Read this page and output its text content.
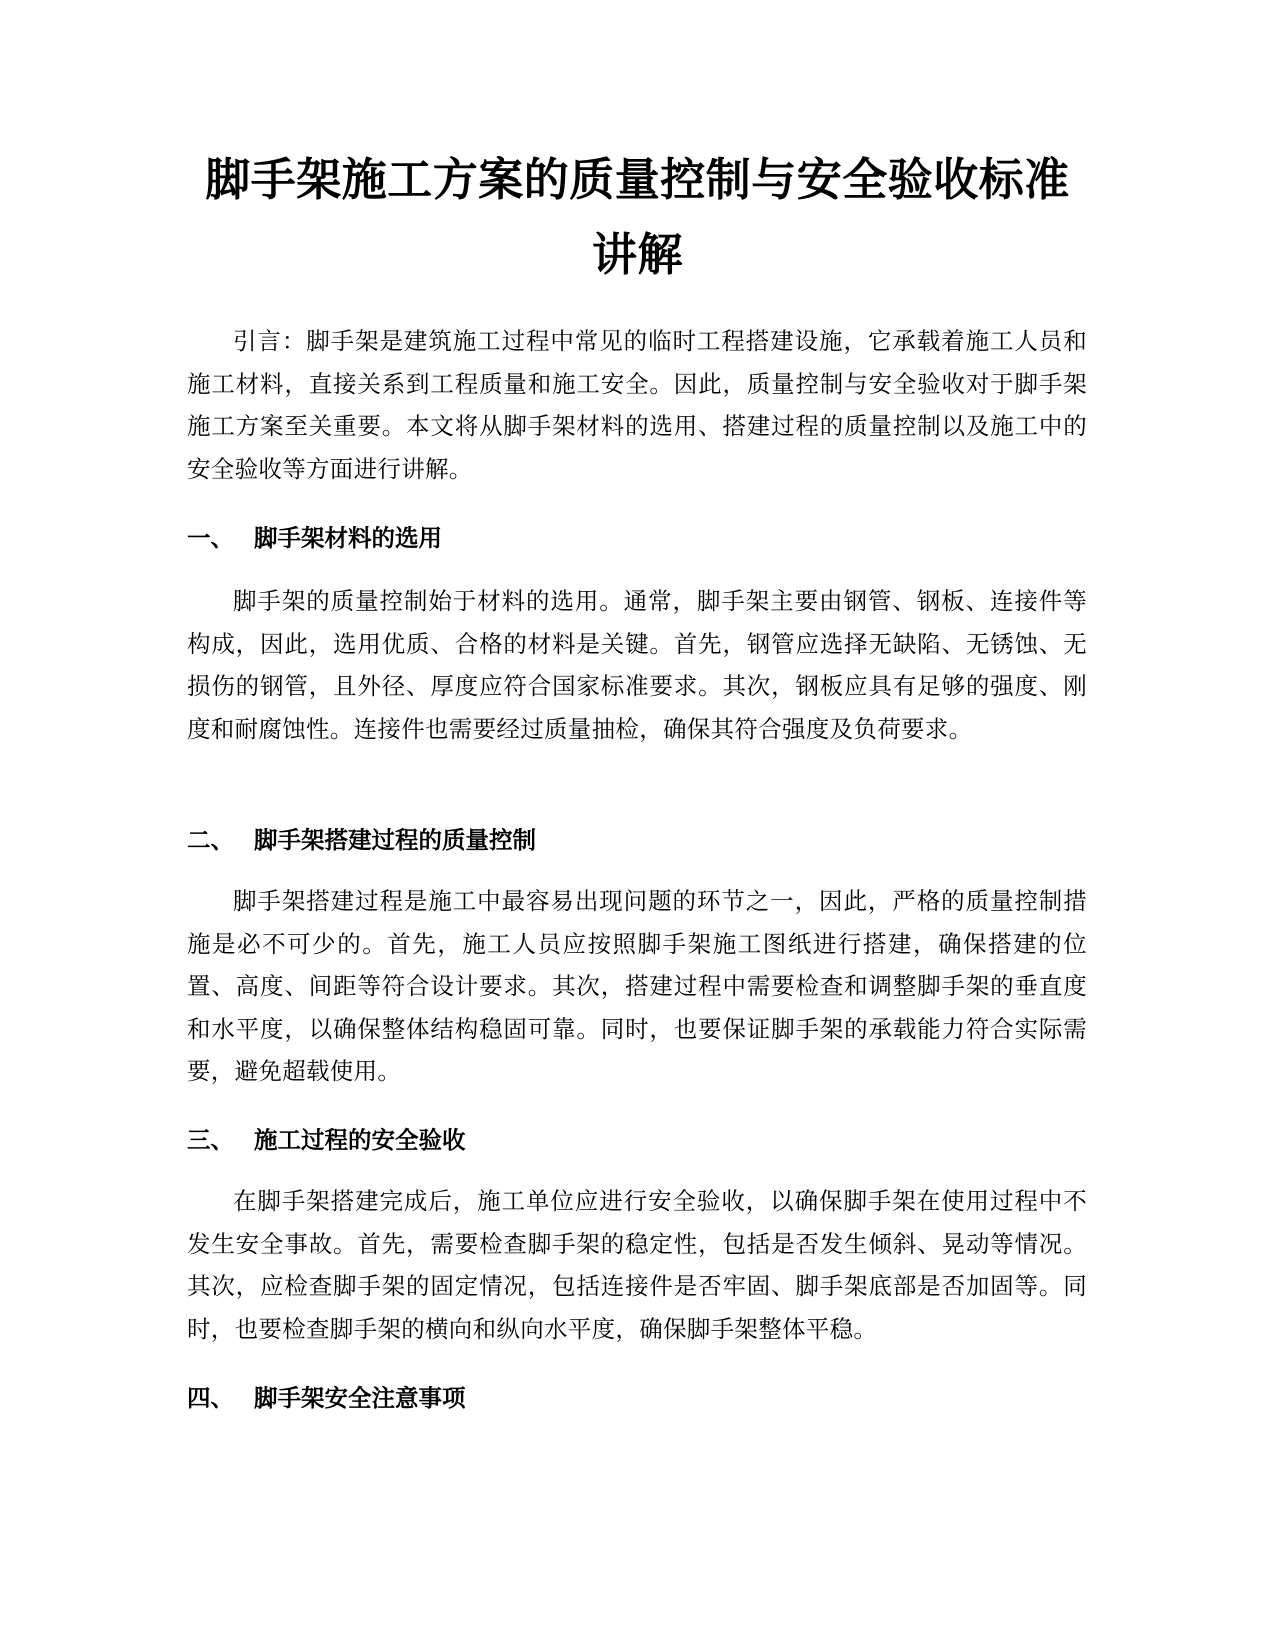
脚手架施工方案的质量控制与安全验收标准
讲解

引言：脚手架是建筑施工过程中常见的临时工程搭建设施，它承载着施工人员和施工材料，直接关系到工程质量和施工安全。因此，质量控制与安全验收对于脚手架施工方案至关重要。本文将从脚手架材料的选用、搭建过程的质量控制以及施工中的安全验收等方面进行讲解。

一、 脚手架材料的选用

脚手架的质量控制始于材料的选用。通常，脚手架主要由钢管、钢板、连接件等构成，因此，选用优质、合格的材料是关键。首先，钢管应选择无缺陷、无锈蚀、无损伤的钢管，且外径、厚度应符合国家标准要求。其次，钢板应具有足够的强度、刚度和耐腐蚀性。连接件也需要经过质量抽检，确保其符合强度及负荷要求。

二、 脚手架搭建过程的质量控制

脚手架搭建过程是施工中最容易出现问题的环节之一，因此，严格的质量控制措施是必不可少的。首先，施工人员应按照脚手架施工图纸进行搭建，确保搭建的位置、高度、间距等符合设计要求。其次，搭建过程中需要检查和调整脚手架的垂直度和水平度，以确保整体结构稳固可靠。同时，也要保证脚手架的承载能力符合实际需要，避免超载使用。

三、 施工过程的安全验收

在脚手架搭建完成后，施工单位应进行安全验收，以确保脚手架在使用过程中不发生安全事故。首先，需要检查脚手架的稳定性，包括是否发生倾斜、晃动等情况。其次，应检查脚手架的固定情况，包括连接件是否牢固、脚手架底部是否加固等。同时，也要检查脚手架的横向和纵向水平度，确保脚手架整体平稳。

四、 脚手架安全注意事项
